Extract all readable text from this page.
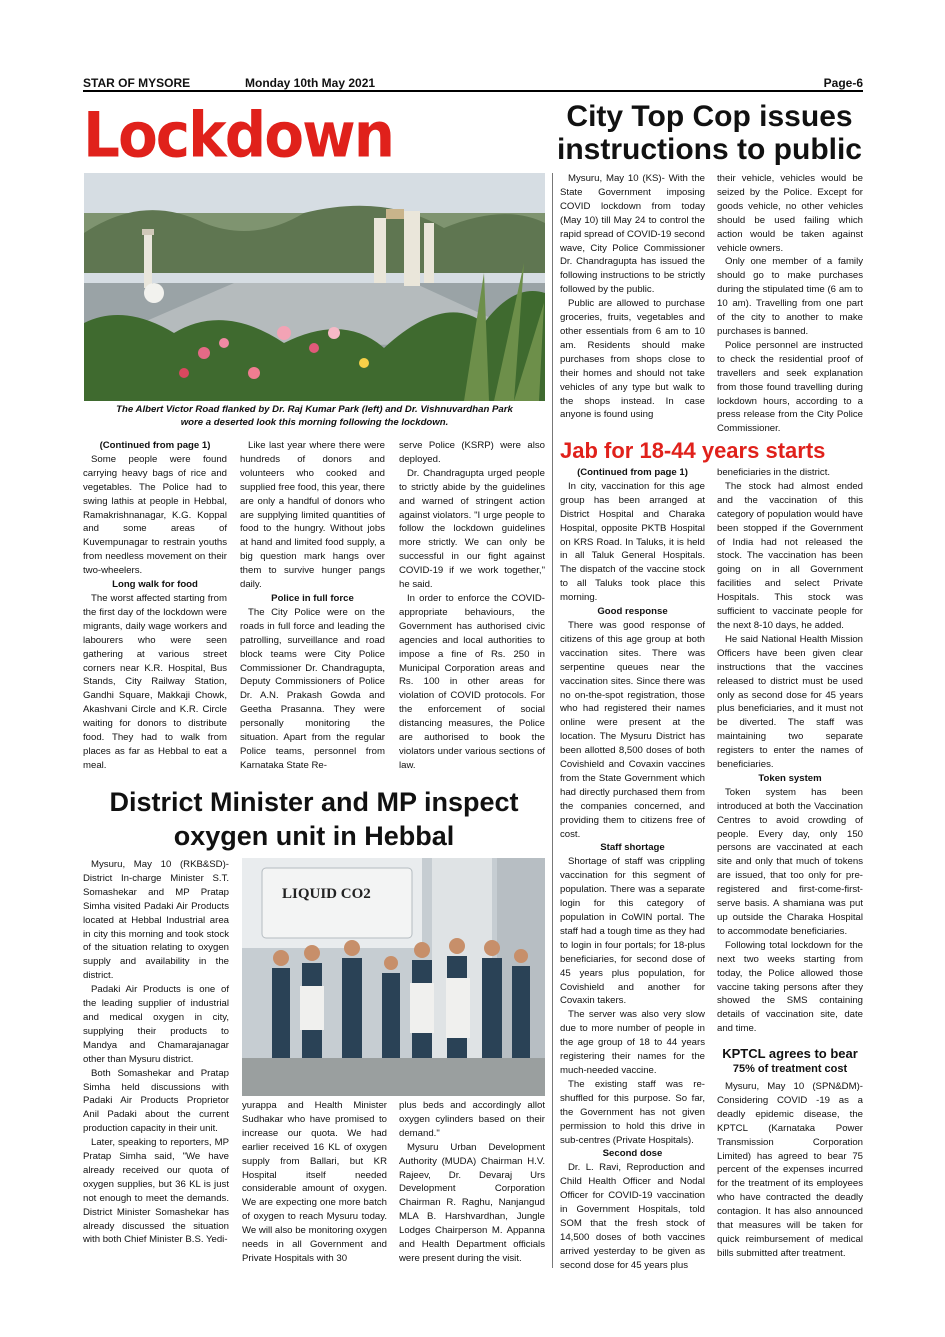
STAR OF MYSORE	Monday 10th May 2021	Page-6
Lockdown
The Albert Victor Road flanked by Dr. Raj Kumar Park (left) and Dr. Vishnuvardhan Park
wore a deserted look this morning following the lockdown.

(Continued from page 1)

Some people were found carrying heavy bags of rice and vegetables. The Police had to swing lathis at people in Hebbal, Ramakrishnanagar, K.G. Koppal and some areas of Kuvempunagar to restrain youths from needless movement on their two-wheelers.

Long walk for food

The worst affected starting from the first day of the lockdown were migrants, daily wage workers and labourers who were seen gathering at various street corners near K.R. Hospital, Bus Stands, City Railway Station, Gandhi Square, Makkaji Chowk, Akashvani Circle and K.R. Circle waiting for donors to distribute food. They had to walk from places as far as Hebbal to eat a meal.

Like last year where there were hundreds of donors and volunteers who cooked and supplied free food, this year, there are only a handful of donors who are supplying limited quantities of food to the hungry. Without jobs at hand and limited food supply, a big question mark hangs over them to survive hunger pangs daily.

Police in full force

The City Police were on the roads in full force and leading the patrolling, surveillance and road block teams were City Police Commissioner Dr. Chandragupta, Deputy Commissioners of Police Dr. A.N. Prakash Gowda and Geetha Prasanna. They were personally monitoring the situation. Apart from the regular Police teams, personnel from Karnataka State Re-

serve Police (KSRP) were also deployed.

Dr. Chandragupta urged people to strictly abide by the guidelines and warned of stringent action against violators. "I urge people to follow the lockdown guidelines more strictly. We can only be successful in our fight against COVID-19 if we work together," he said.

In order to enforce the COVID-appropriate behaviours, the Government has authorised civic agencies and local authorities to impose a fine of Rs. 250 in Municipal Corporation areas and Rs. 100 in other areas for violation of COVID protocols. For the enforcement of social distancing measures, the Police are authorised to book the violators under various sections of law.

City Top Cop issues
instructions to public

Mysuru, May 10 (KS)- With the State Government imposing COVID lockdown from today (May 10) till May 24 to control the rapid spread of COVID-19 second wave, City Police Commissioner Dr. Chandragupta has issued the following instructions to be strictly followed by the public.

Public are allowed to purchase groceries, fruits, vegetables and other essentials from 6 am to 10 am. Residents should make purchases from shops close to their homes and should not take vehicles of any type but walk to the shops instead. In case anyone is found using

their vehicle, vehicles would be seized by the Police. Except for goods vehicle, no other vehicles should be used failing which action would be taken against vehicle owners.

Only one member of a family should go to make purchases during the stipulated time (6 am to 10 am). Travelling from one part of the city to another to make purchases is banned.

Police personnel are instructed to check the residential proof of travellers and seek explanation from those found travelling during lockdown hours, according to a press release from the City Police Commissioner.

Jab for 18-44 years starts

(Continued from page 1)

In city, vaccination for this age group has been arranged at District Hospital and Charaka Hospital, opposite PKTB Hospital on KRS Road. In Taluks, it is held in all Taluk General Hospitals. The dispatch of the vaccine stock to all Taluks took place this morning.

Good response

There was good response of citizens of this age group at both vaccination sites. There was serpentine queues near the vaccination sites. Since there was no on-the-spot registration, those who had registered their names online were present at the location. The Mysuru District has been allotted 8,500 doses of both Covishield and Covaxin vaccines from the State Government which had directly purchased them from the companies concerned, and providing them to citizens free of cost.

Staff shortage

Shortage of staff was crippling vaccination for this segment of population. There was a separate login for this category of population in CoWIN portal. The staff had a tough time as they had to login in four portals; for 18-plus beneficiaries, for second dose of 45 years plus population, for Covishield and another for Covaxin takers.

The server was also very slow due to more number of people in the age group of 18 to 44 years registering their names for the much-needed vaccine.

The existing staff was re-shuffled for this purpose. So far, the Government has not given permission to hold this drive in sub-centres (Private Hospitals).

Second dose

Dr. L. Ravi, Reproduction and Child Health Officer and Nodal Officer for COVID-19 vaccination in Government Hospitals, told SOM that the fresh stock of 14,500 doses of both vaccines arrived yesterday to be given as second dose for 45 years plus

beneficiaries in the district.

The stock had almost ended and the vaccination of this category of population would have been stopped if the Government of India had not released the stock. The vaccination has been going on in all Government facilities and select Private Hospitals. This stock was sufficient to vaccinate people for the next 8-10 days, he added.

He said National Health Mission Officers have been given clear instructions that the vaccines released to district must be used only as second dose for 45 years plus beneficiaries, and it must not be diverted. The staff was maintaining two separate registers to enter the names of beneficiaries.

Token system

Token system has been introduced at both the Vaccination Centres to avoid crowding of people. Every day, only 150 persons are vaccinated at each site and only that much of tokens are issued, that too only for pre-registered and first-come-first-serve basis. A shamiana was put up outside the Charaka Hospital to accommodate beneficiaries.

Following total lockdown for the next two weeks starting from today, the Police allowed those vaccine taking persons after they showed the SMS containing details of vaccination site, date and time.

KPTCL agrees to bear
75% of treatment cost

Mysuru, May 10 (SPN&DM)- Considering COVID -19 as a deadly epidemic disease, the KPTCL (Karnataka Power Transmission Corporation Limited) has agreed to bear 75 percent of the expenses incurred for the treatment of its employees who have contracted the deadly contagion. It has also announced that measures will be taken for quick reimbursement of medical bills submitted after treatment.

District Minister and MP inspect
oxygen unit in Hebbal
LIQUID CO2

Mysuru, May 10 (RKB&SD)- District In-charge Minister S.T. Somashekar and MP Pratap Simha visited Padaki Air Products located at Hebbal Industrial area in city this morning and took stock of the situation relating to oxygen supply and availability in the district.

Padaki Air Products is one of the leading supplier of industrial and medical oxygen in city, supplying their products to Mandya and Chamarajanagar other than Mysuru district.

Both Somashekar and Pratap Simha held discussions with Padaki Air Products Proprietor Anil Padaki about the current production capacity in their unit.

Later, speaking to reporters, MP Pratap Simha said, "We have already received our quota of oxygen supplies, but 36 KL is just not enough to meet the demands. District Minister Somashekar has already discussed the situation with both Chief Minister B.S. Yedi-

yurappa and Health Minister Sudhakar who have promised to increase our quota. We had earlier received 16 KL of oxygen supply from Ballari, but KR Hospital itself needed considerable amount of oxygen. We are expecting one more batch of oxygen to reach Mysuru today. We will also be monitoring oxygen needs in all Government and Private Hospitals with 30

plus beds and accordingly allot oxygen cylinders based on their demand."

Mysuru Urban Development Authority (MUDA) Chairman H.V. Rajeev, Dr. Devaraj Urs Development Corporation Chairman R. Raghu, Nanjangud MLA B. Harshvardhan, Jungle Lodges Chairperson M. Appanna and Health Department officials were present during the visit.
